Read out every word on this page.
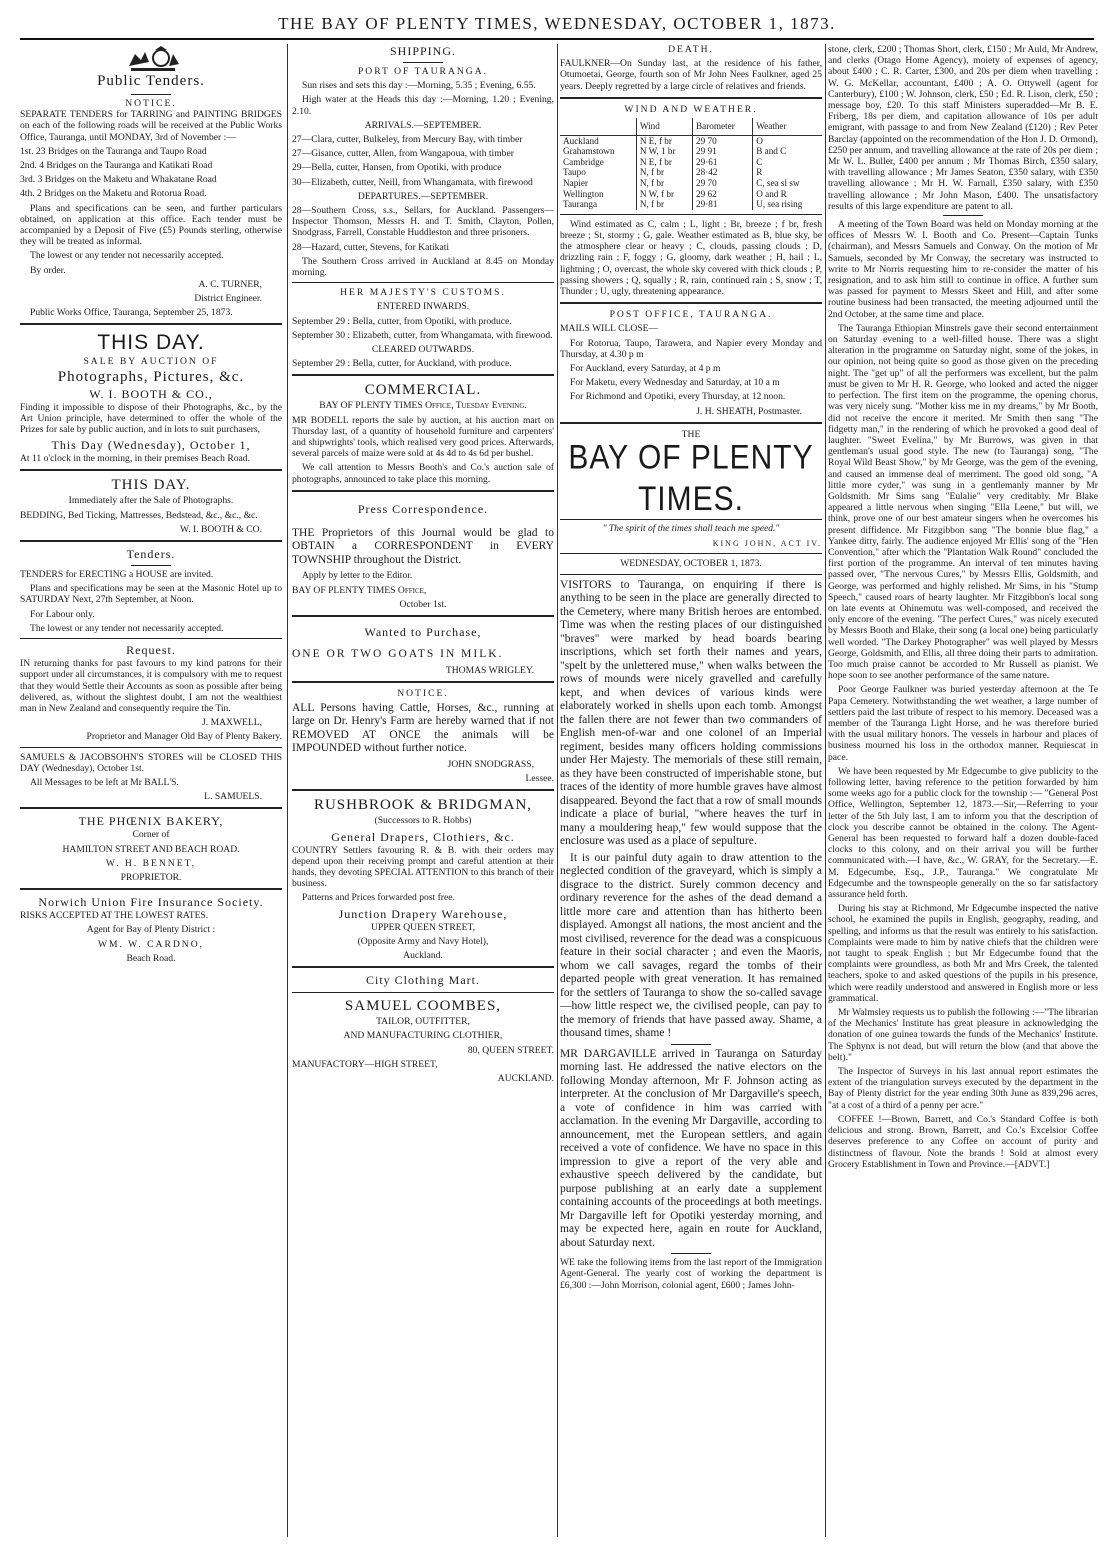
THE BAY OF PLENTY TIMES, WEDNESDAY, OCTOBER 1, 1873.
Public Tenders.
NOTICE.

SEPARATE TENDERS for TARRING and PAINTING BRIDGES on each of the following roads will be received at the Public Works Office, Tauranga, until MONDAY, 3rd of November :—

1st. 23 Bridges on the Tauranga and Taupo Road

2nd. 4 Bridges on the Tauranga and Katikati Road

3rd. 3 Bridges on the Maketu and Whakatane Road

4th. 2 Bridges on the Maketu and Rotorua Road.

Plans and specifications can be seen, and further particulars obtained, on application at this office. Each tender must be accompanied by a Deposit of Five (£5) Pounds sterling, otherwise they will be treated as informal.

The lowest or any tender not necessarily accepted.

By order.

A. C. TURNER,

District Engineer.

Public Works Office, Tauranga, September 25, 1873.

THIS DAY.
SALE BY AUCTION OF
Photographs, Pictures, &c.
W. I. BOOTH & CO.,

Finding it impossible to dispose of their Photographs, &c., by the Art Union principle, have determined to offer the whole of the Prizes for sale by public auction, and in lots to suit purchasers,

This Day (Wednesday), October 1,

At 11 o'clock in the morning, in their premises Beach Road.

THIS DAY.

Immediately after the Sale of Photographs.

BEDDING, Bed Ticking, Mattresses, Bedstead, &c., &c., &c.

W. I. BOOTH & CO.

Tenders.

TENDERS for ERECTING a HOUSE are invited.

Plans and specifications may be seen at the Masonic Hotel up to SATURDAY Next, 27th September, at Noon.

For Labour only.

The lowest or any tender not necessarily accepted.

Request.

IN returning thanks for past favours to my kind patrons for their support under all circumstances, it is compulsory with me to request that they would Settle their Accounts as soon as possible after being delivered, as, without the slightest doubt, I am not the wealthiest man in New Zealand and consequently require the Tin.

J. MAXWELL,

Proprietor and Manager Old Bay of Plenty Bakery.

SAMUELS & JACOBSOHN'S STORES will be CLOSED THIS DAY (Wednesday), October 1st.

All Messages to be left at Mr BALL'S.

L. SAMUELS.

THE PHŒNIX BAKERY,

Corner of

HAMILTON STREET AND BEACH ROAD.

W. H. BENNET,

PROPRIETOR.

Norwich Union Fire Insurance Society.

RISKS ACCEPTED AT THE LOWEST RATES.

Agent for Bay of Plenty District :

WM. W. CARDNO,

Beach Road.

SHIPPING.

PORT OF TAURANGA.

Sun rises and sets this day :—Morning, 5.35 ; Evening, 6.55.

High water at the Heads this day :—Morning, 1.20 ; Evening, 2.10.

ARRIVALS.—SEPTEMBER.

27—Clara, cutter, Bulkeley, from Mercury Bay, with timber

27—Gisance, cutter, Allen, from Wangapoua, with timber

29—Bella, cutter, Hansen, from Opotiki, with produce

30—Elizabeth, cutter, Neill, from Whangamata, with firewood

DEPARTURES.—SEPTEMBER.

28—Southern Cross, s.s., Sellars, for Auckland. Passengers—Inspector Thomson, Messrs H. and T. Smith, Clayton, Pollen, Snodgrass, Farrell, Constable Huddleston and three prisoners.

28—Hazard, cutter, Stevens, for Katikati

The Southern Cross arrived in Auckland at 8.45 on Monday morning.

HER MAJESTY'S CUSTOMS.

ENTERED INWARDS.

September 29 : Bella, cutter, from Opotiki, with produce.

September 30 : Elizabeth, cutter, from Whangamata, with firewood.

CLEARED OUTWARDS.

September 29 : Bella, cutter, for Auckland, with produce.

COMMERCIAL.

BAY OF PLENTY TIMES Office, Tuesday Evening.

MR BODELL reports the sale by auction, at his auction mart on Thursday last, of a quantity of household furniture and carpenters' and shipwrights' tools, which realised very good prices. Afterwards, several parcels of maize were sold at 4s 4d to 4s 6d per bushel.

We call attention to Messrs Booth's and Co.'s auction sale of photographs, announced to take place this morning.

Press Correspondence.

THE Proprietors of this Journal would be glad to OBTAIN a CORRESPONDENT in EVERY TOWNSHIP throughout the District.

Apply by letter to the Editor.

BAY OF PLENTY TIMES Office,

October 1st.

Wanted to Purchase,

ONE OR TWO GOATS IN MILK.

THOMAS WRIGLEY.

NOTICE.

ALL Persons having Cattle, Horses, &c., running at large on Dr. Henry's Farm are hereby warned that if not REMOVED AT ONCE the animals will be IMPOUNDED without further notice.

JOHN SNODGRASS,

Lessee.

RUSHBROOK & BRIDGMAN,

(Successors to R. Hobbs)

General Drapers, Clothiers, &c.

COUNTRY Settlers favouring R. & B. with their orders may depend upon their receiving prompt and careful attention at their hands, they devoting SPECIAL ATTENTION to this branch of their business.

Patterns and Prices forwarded post free.

Junction Drapery Warehouse,

UPPER QUEEN STREET,

(Opposite Army and Navy Hotel),

Auckland.

City Clothing Mart.
SAMUEL COOMBES,

TAILOR, OUTFITTER,

AND MANUFACTURING CLOTHIER,

80, QUEEN STREET.

MANUFACTORY—HIGH STREET,

AUCKLAND.

DEATH.

FAULKNER—On Sunday last, at the residence of his father, Otumoetai, George, fourth son of Mr John Nees Faulkner, aged 25 years. Deeply regretted by a large circle of relatives and friends.

WIND AND WEATHER.

	Wind	Barometer	Weather
Auckland	N E, f br	29 70	O
Grahamstown	N W, 1 br	29 91	B and C
Cambridge	N E, f br	29·61	C
Taupo	N, f br	28·42	R
Napier	N, f br	29 70	C, sea sl sw
Wellington	N W, f br	29 62	O and R
Tauranga	N, f br	29·81	U, sea rising

Wind estimated as C, calm ; L, light ; Br, breeze ; f br, fresh breeze ; St, stormy ; G, gale. Weather estimated as B, blue sky, be the atmosphere clear or heavy ; C, clouds, passing clouds ; D, drizzling rain ; F, foggy ; G, gloomy, dark weather ; H, hail ; L, lightning ; O, overcast, the whole sky covered with thick clouds ; P, passing showers ; Q, squally ; R, rain, continued rain ; S, snow ; T, Thunder ; U, ugly, threatening appearance.

POST OFFICE, TAURANGA.

MAILS WILL CLOSE—

For Rotorua, Taupo, Tarawera, and Napier every Monday and Thursday, at 4.30 p m

For Auckland, every Saturday, at 4 p m

For Maketu, every Wednesday and Saturday, at 10 a m

For Richmond and Opotiki, every Thursday, at 12 noon.

J. H. SHEATH, Postmaster.

THE

BAY OF PLENTY TIMES.

" The spirit of the times shall teach me speed."

KING JOHN, ACT IV.

WEDNESDAY, OCTOBER 1, 1873.

VISITORS to Tauranga, on enquiring if there is anything to be seen in the place are generally directed to the Cemetery, where many British heroes are entombed. Time was when the resting places of our distinguished "braves" were marked by head boards bearing inscriptions, which set forth their names and years, "spelt by the unlettered muse," when walks between the rows of mounds were nicely gravelled and carefully kept, and when devices of various kinds were elaborately worked in shells upon each tomb. Amongst the fallen there are not fewer than two commanders of English men-of-war and one colonel of an Imperial regiment, besides many officers holding commissions under Her Majesty. The memorials of these still remain, as they have been constructed of imperishable stone, but traces of the identity of more humble graves have almost disappeared. Beyond the fact that a row of small mounds indicate a place of burial, "where heaves the turf in many a mouldering heap," few would suppose that the enclosure was used as a place of sepulture.

It is our painful duty again to draw attention to the neglected condition of the graveyard, which is simply a disgrace to the district. Surely common decency and ordinary reverence for the ashes of the dead demand a little more care and attention than has hitherto been displayed. Amongst all nations, the most ancient and the most civilised, reverence for the dead was a conspicuous feature in their social character ; and even the Maoris, whom we call savages, regard the tombs of their departed people with great veneration. It has remained for the settlers of Tauranga to show the so-called savage —how little respect we, the civilised people, can pay to the memory of friends that have passed away. Shame, a thousand times, shame !

MR DARGAVILLE arrived in Tauranga on Saturday morning last. He addressed the native electors on the following Monday afternoon, Mr F. Johnson acting as interpreter. At the conclusion of Mr Dargaville's speech, a vote of confidence in him was carried with acclamation. In the evening Mr Dargaville, according to announcement, met the European settlers, and again received a vote of confidence. We have no space in this impression to give a report of the very able and exhaustive speech delivered by the candidate, but purpose publishing at an early date a supplement containing accounts of the proceedings at both meetings. Mr Dargaville left for Opotiki yesterday morning, and may be expected here, again en route for Auckland, about Saturday next.

WE take the following items from the last report of the Immigration Agent-General. The yearly cost of working the department is £6,300 :—John Morrison, colonial agent, £600 ; James John-

stone, clerk, £200 ; Thomas Short, clerk, £150 ; Mr Auld, Mr Andrew, and clerks (Otago Home Agency), moiety of expenses of agency, about £400 ; C. R. Carter, £300, and 20s per diem when travelling ; W. G. McKellar, accountant, £400 ; A. O. Ottywell (agent for Canterbury), £100 ; W. Johnson, clerk, £50 ; Ed. R. Lison, clerk, £50 ; message boy, £20. To this staff Ministers superadded—Mr B. E. Friberg, 18s per diem, and capitation allowance of 10s per adult emigrant, with passage to and from New Zealand (£120) ; Rev Peter Barclay (appointed on the recommendation of the Hon J. D. Ormond), £250 per annum, and travelling allowance at the rate of 20s per diem ; Mr W. L. Buller, £400 per annum ; Mr Thomas Birch, £350 salary, with travelling allowance ; Mr James Seaton, £350 salary, with £350 travelling allowance ; Mr H. W. Farnall, £350 salary, with £350 travelling allowance ; Mr John Mason, £400. The unsatisfactory results of this large expenditure are patent to all.

A meeting of the Town Board was held on Monday morning at the offices of Messrs W. I. Booth and Co. Present—Captain Tunks (chairman), and Messrs Samuels and Conway. On the motion of Mr Samuels, seconded by Mr Conway, the secretary was instructed to write to Mr Norris requesting him to re-consider the matter of his resignation, and to ask him still to continue in office. A further sum was passed for payment to Messrs Skeet and Hill, and after some routine business had been transacted, the meeting adjourned until the 2nd October, at the same time and place.

The Tauranga Ethiopian Minstrels gave their second entertainment on Saturday evening to a well-filled house. There was a slight alteration in the programme on Saturday night, some of the jokes, in our opinion, not being quite so good as those given on the preceding night. The "get up" of all the performers was excellent, but the palm must be given to Mr H. R. George, who looked and acted the nigger to perfection. The first item on the programme, the opening chorus, was very nicely sung. "Mother kiss me in my dreams," by Mr Booth, did not receive the encore it merited. Mr Smith then sang "The fidgetty man," in the rendering of which he provoked a good deal of laughter. "Sweet Evelina," by Mr Burrows, was given in that gentleman's usual good style. The new (to Tauranga) song, "The Royal Wild Beast Show," by Mr George, was the gem of the evening, and caused an immense deal of merriment. The good old song, "A little more cyder," was sung in a gentlemanly manner by Mr Goldsmith. Mr Sims sang "Eulalie" very creditably. Mr Blake appeared a little nervous when singing "Ella Leene," but will, we think, prove one of our best amateur singers when he overcomes his present diffidence. Mr Fitzgibbon sang "The bonnie blue flag," a Yankee ditty, fairly. The audience enjoyed Mr Ellis' song of the "Hen Convention," after which the "Plantation Walk Round" concluded the first portion of the programme. An interval of ten minutes having passed over, "The nervous Cures," by Messrs Ellis, Goldsmith, and George, was performed and highly relished. Mr Sims, in his "Stump Speech," caused roars of hearty laughter. Mr Fitzgibbon's local song on late events at Ohinemutu was well-composed, and received the only encore of the evening. "The perfect Cures," was nicely executed by Messrs Booth and Blake, their song (a local one) being particularly well worded. "The Darkey Photographer" was well played by Messrs George, Goldsmith, and Ellis, all three doing their parts to admiration. Too much praise cannot be accorded to Mr Russell as pianist. We hope soon to see another performance of the same nature.

Poor George Faulkner was buried yesterday afternoon at the Te Papa Cemetery. Notwithstanding the wet weather, a large number of settlers paid the last tribute of respect to his memory. Deceased was a member of the Tauranga Light Horse, and he was therefore buried with the usual military honors. The vessels in harbour and places of business mourned his loss in the orthodox manner. Requiescat in pace.

We have been requested by Mr Edgecumbe to give publicity to the following letter, having reference to the petition forwarded by him some weeks ago for a public clock for the township :— "General Post Office, Wellington, September 12, 1873.—Sir,—Referring to your letter of the 5th July last, I am to inform you that the description of clock you describe cannot be obtained in the colony. The Agent-General has been requested to forward half a dozen double-faced clocks to this colony, and on their arrival you will be further communicated with.—I have, &c., W. GRAY, for the Secretary.—E. M. Edgecumbe, Esq., J.P., Tauranga." We congratulate Mr Edgecumbe and the townspeople generally on the so far satisfactory assurance held forth.

During his stay at Richmond, Mr Edgecumbe inspected the native school, he examined the pupils in English, geography, reading, and spelling, and informs us that the result was entirely to his satisfaction. Complaints were made to him by native chiefs that the children were not taught to speak English ; but Mr Edgecumbe found that the complaints were groundless, as both Mr and Mrs Creek, the talented teachers, spoke to and asked questions of the pupils in his presence, which were readily understood and answered in English more or less grammatical.

Mr Walmsley requests us to publish the following :—"The librarian of the Mechanics' Institute has great pleasure in acknowledging the donation of one guinea towards the funds of the Mechanics' Institute. The Sphynx is not dead, but will return the blow (and that above the belt)."

The Inspector of Surveys in his last annual report estimates the extent of the triangulation surveys executed by the department in the Bay of Plenty district for the year ending 30th June as 839,296 acres, "at a cost of a third of a penny per acre."

COFFEE !—Brown, Barrett, and Co.'s Standard Coffee is both delicious and strong. Brown, Barrett, and Co.'s Excelsior Coffee deserves preference to any Coffee on account of purity and distinctness of flavour. Note the brands ! Sold at almost every Grocery Establishment in Town and Province.—[ADVT.]
